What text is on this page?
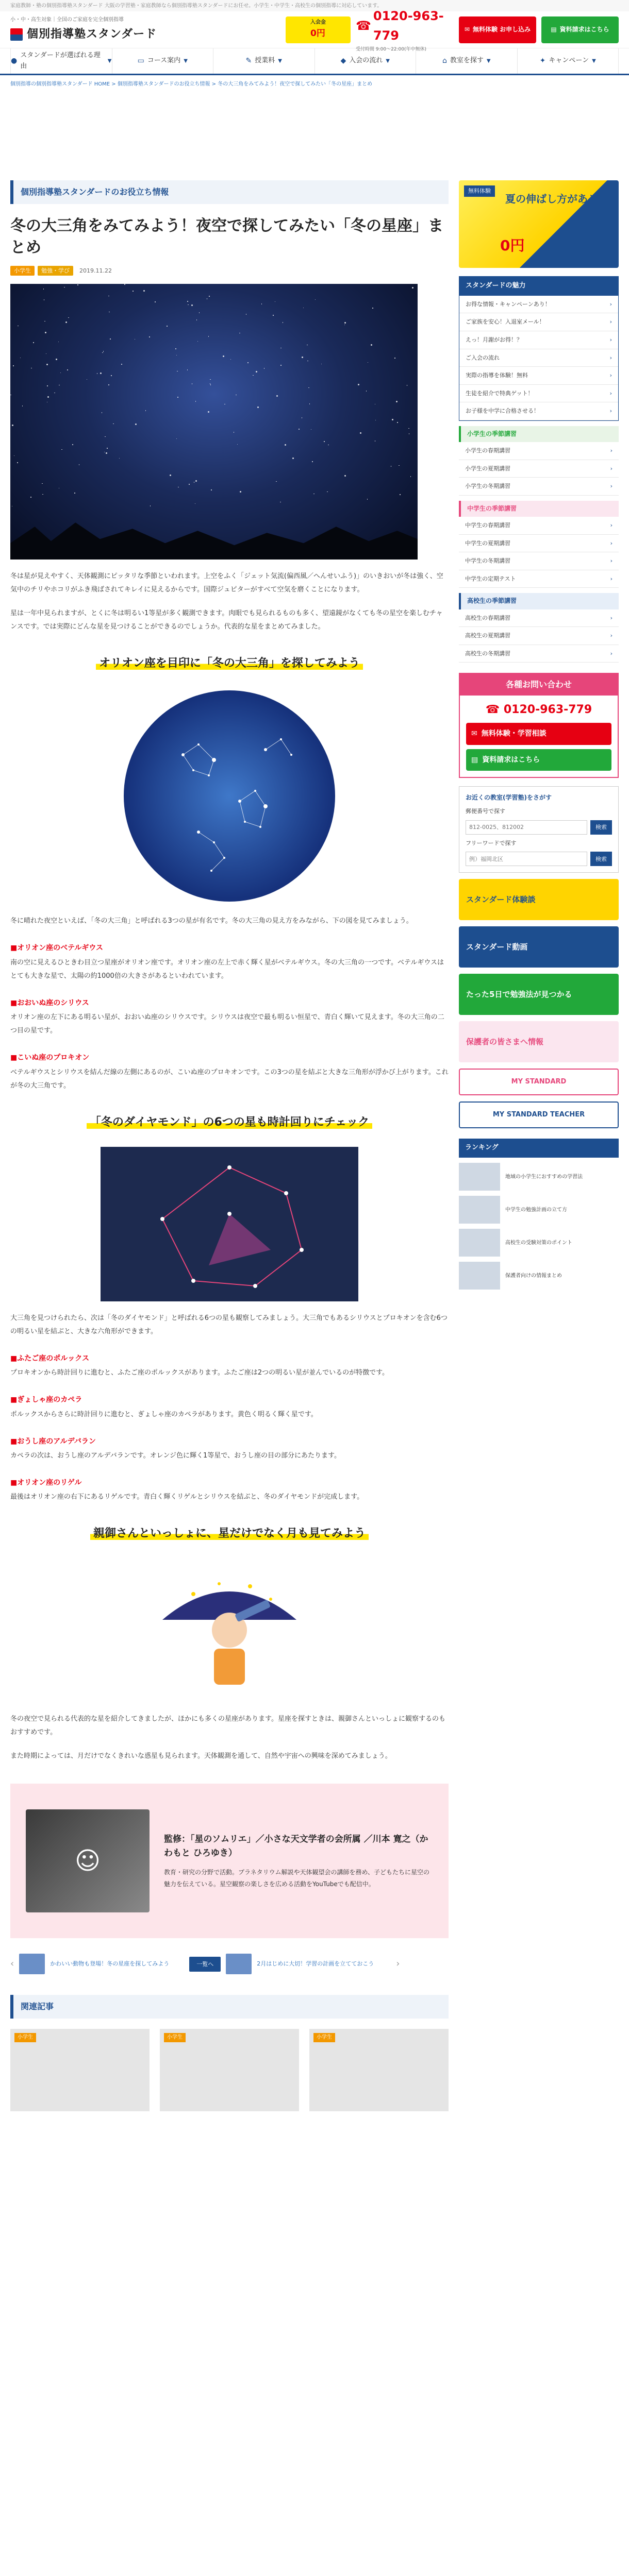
家庭教師・塾の個別指導塾スタンダード 大阪の学習塾・家庭教師なら個別指導塾スタンダードにお任せ。小学生・中学生・高校生の個別指導に対応しています。
小・中・高生対象｜全国のご家庭を完全個別指導
個別指導塾スタンダード
入会金
0円
☎
0120-963-779
受付時間 9:00〜22:00(年中無休)
✉ 無料体験 お申し込み	▤ 資料請求はこちら
●
スタンダードが選ばれる理由
▼	▭ コース案内 ▼	✎ 授業料 ▼	◆ 入会の流れ ▼	⌂ 教室を探す ▼	✦ キャンペーン ▼
個別指導の個別指導塾スタンダード HOME > 個別指導塾スタンダードのお役立ち情報 > 冬の大三角をみてみよう！夜空で探してみたい「冬の星座」まとめ
個別指導塾スタンダードのお役立ち情報
冬の大三角をみてみよう！夜空で探してみたい「冬の星座」まとめ
小学生	勉強・学び	2019.11.22

冬は星が見えやすく、天体観測にピッタリな季節といわれます。上空をふく「ジェット気流(偏西風／へんせいふう)」のいきおいが冬は強く、空気中のチリやホコリがふき飛ばされてキレイに見えるからです。国際ジュピターがすべて空気を磨くことになります。

星は一年中見られますが、とくに冬は明るい1等星が多く観測できます。肉眼でも見られるものも多く、望遠鏡がなくても冬の星空を楽しむチャンスです。では実際にどんな星を見つけることができるのでしょうか。代表的な星をまとめてみました。

オリオン座を目印に「冬の大三角」を探してみよう

冬に晴れた夜空といえば、「冬の大三角」と呼ばれる3つの星が有名です。冬の大三角の見え方をみながら、下の図を見てみましょう。

■オリオン座のベテルギウス

南の空に見えるひときわ目立つ星座がオリオン座です。オリオン座の左上で赤く輝く星がベテルギウス。冬の大三角の一つです。ベテルギウスはとても大きな星で、太陽の約1000倍の大きさがあるといわれています。

■おおいぬ座のシリウス

オリオン座の左下にある明るい星が、おおいぬ座のシリウスです。シリウスは夜空で最も明るい恒星で、青白く輝いて見えます。冬の大三角の二つ目の星です。

■こいぬ座のプロキオン

ベテルギウスとシリウスを結んだ線の左側にあるのが、こいぬ座のプロキオンです。この3つの星を結ぶと大きな三角形が浮かび上がります。これが冬の大三角です。

「冬のダイヤモンド」の6つの星も時計回りにチェック

大三角を見つけられたら、次は「冬のダイヤモンド」と呼ばれる6つの星も観察してみましょう。大三角でもあるシリウスとプロキオンを含む6つの明るい星を結ぶと、大きな六角形ができます。

■ふたご座のポルックス

プロキオンから時計回りに進むと、ふたご座のポルックスがあります。ふたご座は2つの明るい星が並んでいるのが特徴です。

■ぎょしゃ座のカペラ

ポルックスからさらに時計回りに進むと、ぎょしゃ座のカペラがあります。黄色く明るく輝く星です。

■おうし座のアルデバラン

カペラの次は、おうし座のアルデバランです。オレンジ色に輝く1等星で、おうし座の目の部分にあたります。

■オリオン座のリゲル

最後はオリオン座の右下にあるリゲルです。青白く輝くリゲルとシリウスを結ぶと、冬のダイヤモンドが完成します。

親御さんといっしょに、星だけでなく月も見てみよう

冬の夜空で見られる代表的な星を紹介してきましたが、ほかにも多くの星座があります。星座を探すときは、親御さんといっしょに観察するのもおすすめです。

また時期によっては、月だけでなくきれいな惑星も見られます。天体観測を通して、自然や宇宙への興味を深めてみましょう。

☺
監修：「星のソムリエ」／小さな天文学者の会所属 ／川本 寛之（かわもと ひろゆき）
教育・研究の分野で活動。プラネタリウム解説や天体観望会の講師を務め、子どもたちに星空の魅力を伝えている。星空観察の楽しさを広める活動をYouTubeでも配信中。
‹	かわいい動物も登場！冬の星座を探してみよう	一覧へ	2月はじめに大切！学習の計画を立てておこう	›
関連記事
小学生	小学生	小学生
無料体験
夏の伸ばし方がある
0円
スタンダードの魅力
お得な情報・キャンペーンあり！	›
ご家族を安心！入退室メール！	›
えっ！月謝がお得！？	›
ご入会の流れ	›
実際の指導を体験！無料	›
生徒を紹介で特典ゲット！	›
お子様を中学に合格させる！	›
小学生の季節講習
小学生の春期講習	›
小学生の夏期講習	›
小学生の冬期講習	›
中学生の季節講習
中学生の春期講習	›
中学生の夏期講習	›
中学生の冬期講習	›
中学生の定期テスト	›
高校生の季節講習
高校生の春期講習	›
高校生の夏期講習	›
高校生の冬期講習	›
各種お問い合わせ
☎ 0120-963-779
✉ 無料体験・学習相談
▤ 資料請求はこちら
お近くの教室(学習塾)をさがす
郵便番号で探す
812-0025、812002
検索
フリーワードで探す
例）福岡北区
検索
スタンダード体験談
スタンダード動画
たった5日で勉強法が見つかる
保護者の皆さまへ情報
MY STANDARD
MY STANDARD TEACHER
ランキング
地域の小学生におすすめの学習法
中学生の勉強計画の立て方
高校生の受験対策のポイント
保護者向けの情報まとめ
